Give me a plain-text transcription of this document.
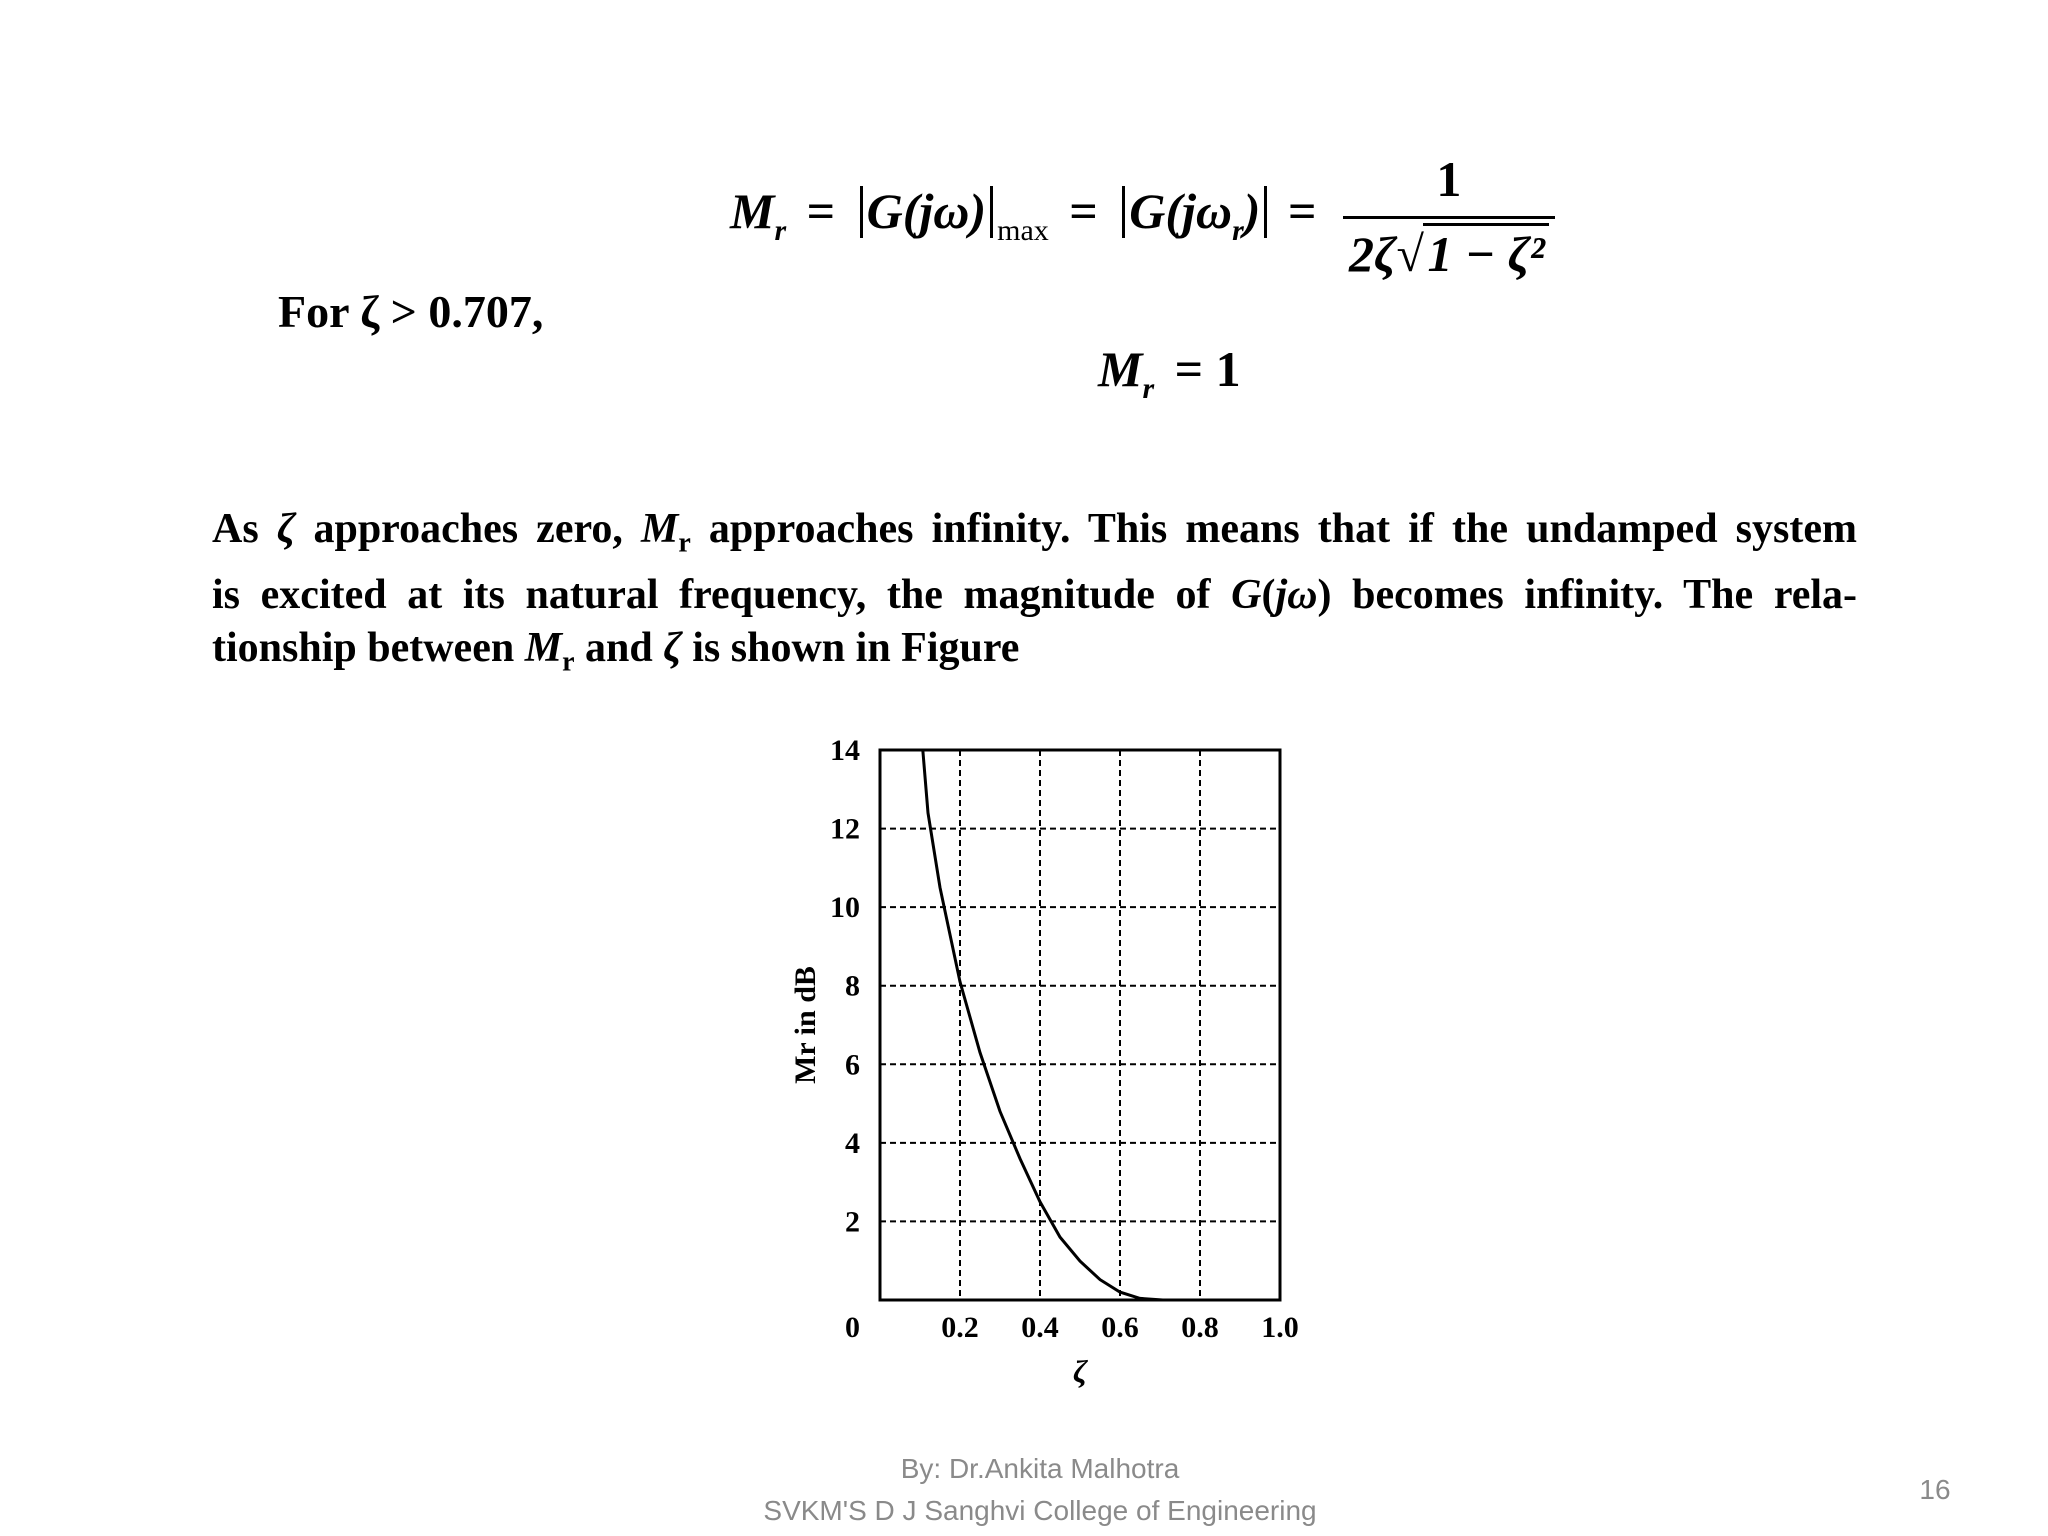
$M_r = G(j\omega) _{max} = G(j\omega_r) = \frac{1}{\text{2ζ√1 − ζ²}}$
For ζ > 0.707,
$M_r = 1$
As ζ approaches zero, $M_r$ approaches infinity. This means that if the undamped system
is excited at its natural frequency, the magnitude of G(jω) becomes infinity. The rela-
tionship between $M_r$ and ζ is shown in Figure
0.2 0.4 0.6 0.8 1.0
2
4
6
8
10
12
14
0
ζ
Mr in dB
By: Dr.Ankita Malhotra
SVKM'S D J Sanghvi College of Engineering
16
